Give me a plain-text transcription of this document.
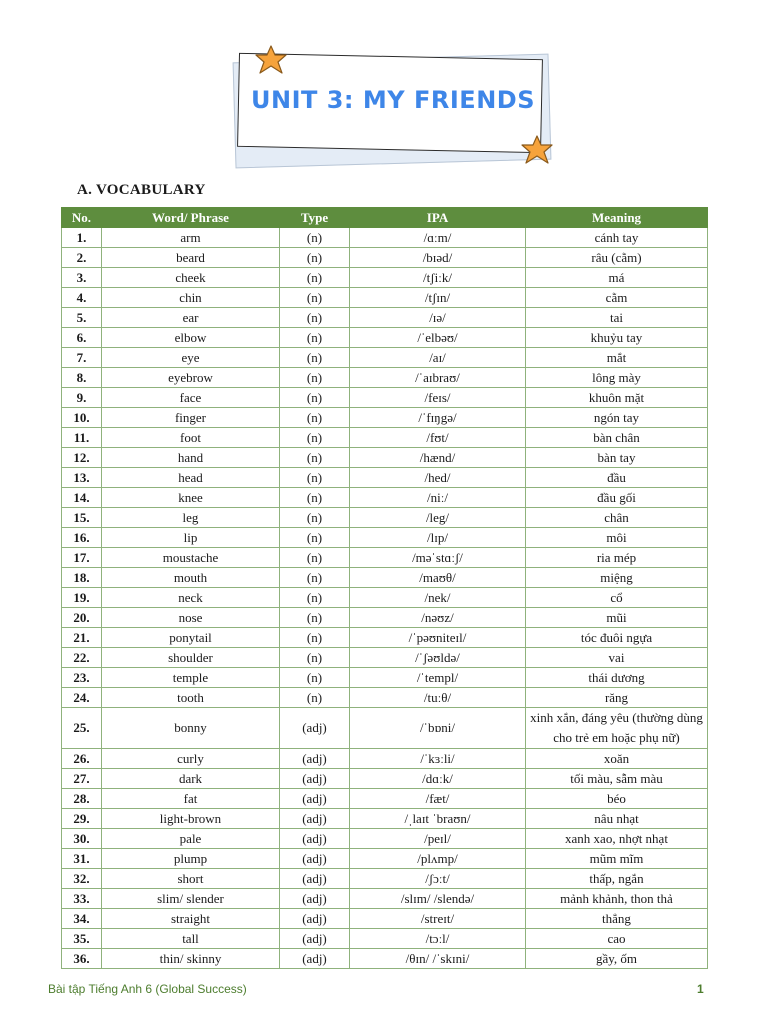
UNIT 3: MY FRIENDS
A. VOCABULARY
No.	Word/ Phrase	Type	IPA	Meaning
1.	arm	(n)	/ɑːm/	cánh tay
2.	beard	(n)	/bɪəd/	râu (cằm)
3.	cheek	(n)	/tʃiːk/	má
4.	chin	(n)	/tʃɪn/	cằm
5.	ear	(n)	/ɪə/	tai
6.	elbow	(n)	/ˈelbəʊ/	khuỷu tay
7.	eye	(n)	/aɪ/	mắt
8.	eyebrow	(n)	/ˈaɪbraʊ/	lông mày
9.	face	(n)	/feɪs/	khuôn mặt
10.	finger	(n)	/ˈfɪŋgə/	ngón tay
11.	foot	(n)	/fʊt/	bàn chân
12.	hand	(n)	/hænd/	bàn tay
13.	head	(n)	/hed/	đầu
14.	knee	(n)	/niː/	đầu gối
15.	leg	(n)	/leg/	chân
16.	lip	(n)	/lɪp/	môi
17.	moustache	(n)	/məˈstɑːʃ/	ria mép
18.	mouth	(n)	/maʊθ/	miệng
19.	neck	(n)	/nek/	cổ
20.	nose	(n)	/nəʊz/	mũi
21.	ponytail	(n)	/ˈpəʊniteɪl/	tóc đuôi ngựa
22.	shoulder	(n)	/ˈʃəʊldə/	vai
23.	temple	(n)	/ˈtempl/	thái dương
24.	tooth	(n)	/tuːθ/	răng
25.	bonny	(adj)	/ˈbɒni/	xinh xắn, đáng yêu (thường dùng cho trẻ em hoặc phụ nữ)
26.	curly	(adj)	/ˈkɜːli/	xoăn
27.	dark	(adj)	/dɑːk/	tối màu, sẫm màu
28.	fat	(adj)	/fæt/	béo
29.	light-brown	(adj)	/ˌlaɪt ˈbraʊn/	nâu nhạt
30.	pale	(adj)	/peɪl/	xanh xao, nhợt nhạt
31.	plump	(adj)	/plʌmp/	mũm mĩm
32.	short	(adj)	/ʃɔːt/	thấp, ngắn
33.	slim/ slender	(adj)	/slɪm/ /slendə/	mảnh khảnh, thon thả
34.	straight	(adj)	/streɪt/	thẳng
35.	tall	(adj)	/tɔːl/	cao
36.	thin/ skinny	(adj)	/θɪn/ /ˈskɪni/	gầy, ốm
Bài tập Tiếng Anh 6 (Global Success)	1
